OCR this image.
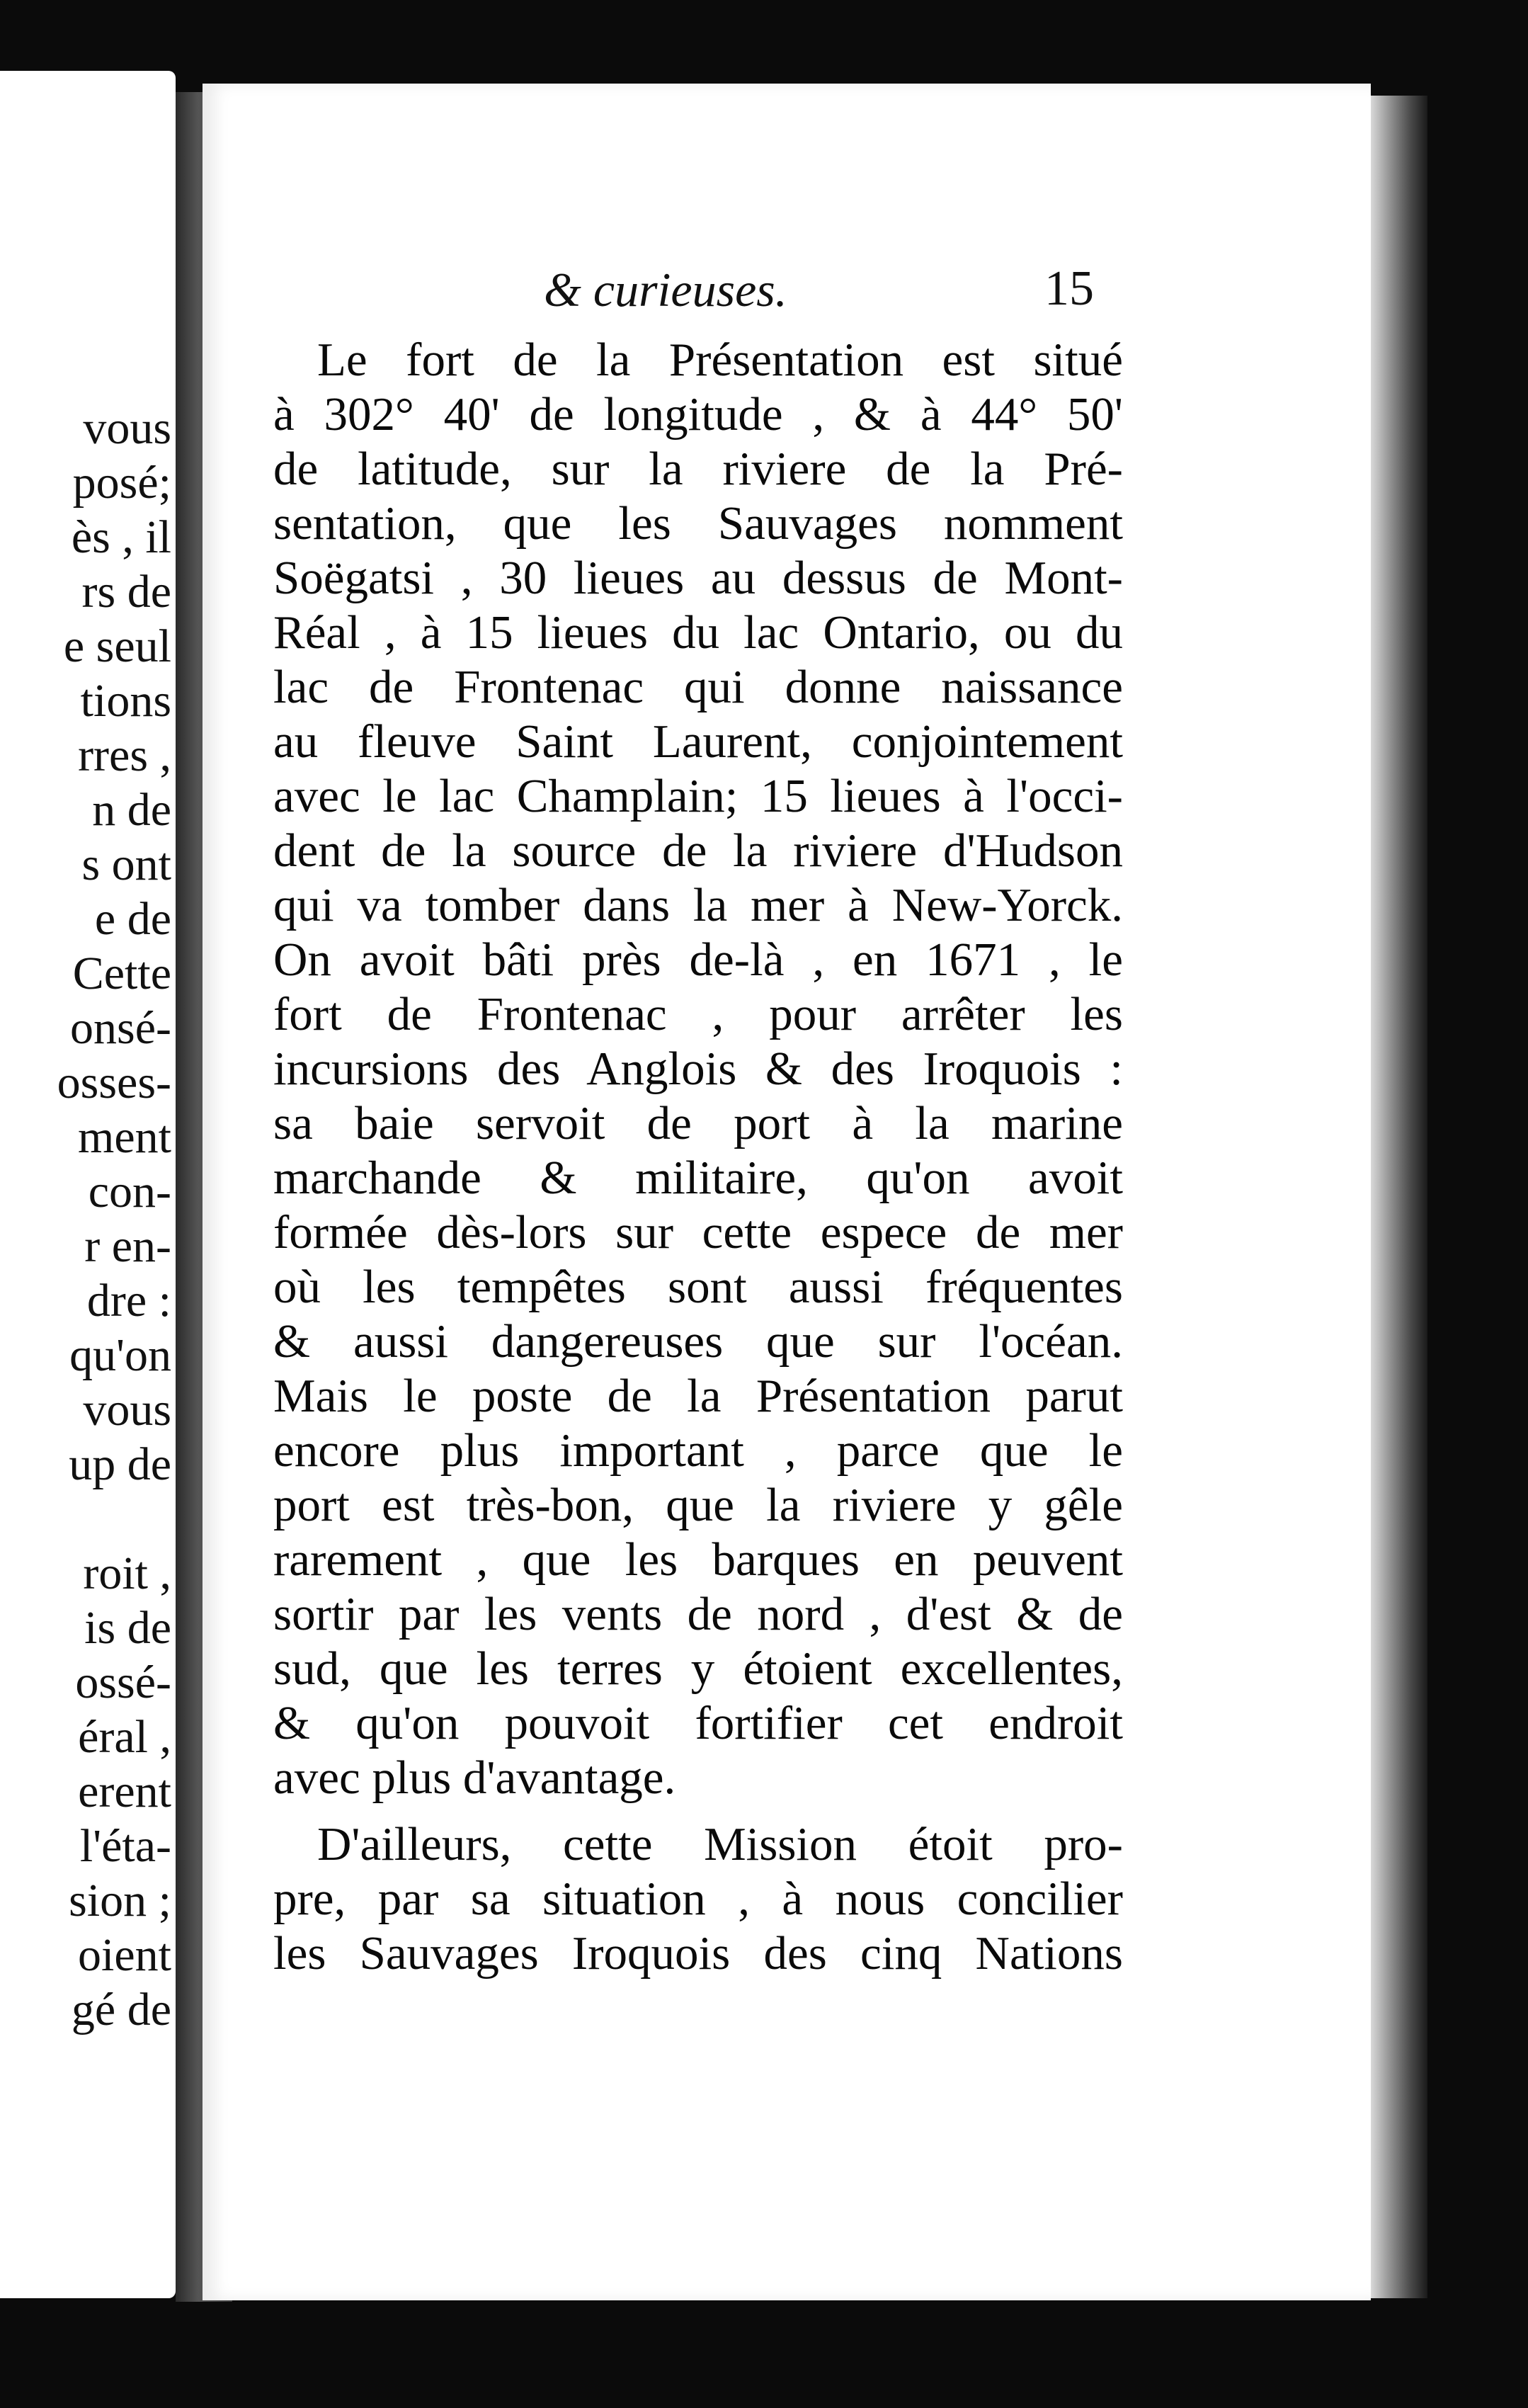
vous

posé;

ès , il

rs de

e seul

tions

rres ,

n de

s ont

e de

Cette

onsé-

osses-

ment

con-

r en-

dre :

qu'on

vous

up de

roit ,

is de

ossé-

éral ,

erent

l'éta-

sion ;

oient

gé de

& curieuses.	15

Le fort de la Présentation est situé

à 302° 40' de longitude , & à 44° 50'

de latitude, sur la riviere de la Pré-

sentation, que les Sauvages nomment

Soëgatsi , 30 lieues au dessus de Mont-

Réal , à 15 lieues du lac Ontario, ou du

lac de Frontenac qui donne naissance

au fleuve Saint Laurent, conjointement

avec le lac Champlain; 15 lieues à l'occi-

dent de la source de la riviere d'Hudson

qui va tomber dans la mer à New-Yorck.

On avoit bâti près de-là , en 1671 , le

fort de Frontenac , pour arrêter les

incursions des Anglois & des Iroquois :

sa baie servoit de port à la marine

marchande & militaire, qu'on avoit

formée dès-lors sur cette espece de mer

où les tempêtes sont aussi fréquentes

& aussi dangereuses que sur l'océan.

Mais le poste de la Présentation parut

encore plus important , parce que le

port est très-bon, que la riviere y gêle

rarement , que les barques en peuvent

sortir par les vents de nord , d'est & de

sud, que les terres y étoient excellentes,

& qu'on pouvoit fortifier cet endroit

avec plus d'avantage.

D'ailleurs, cette Mission étoit pro-

pre, par sa situation , à nous concilier

les Sauvages Iroquois des cinq Nations
